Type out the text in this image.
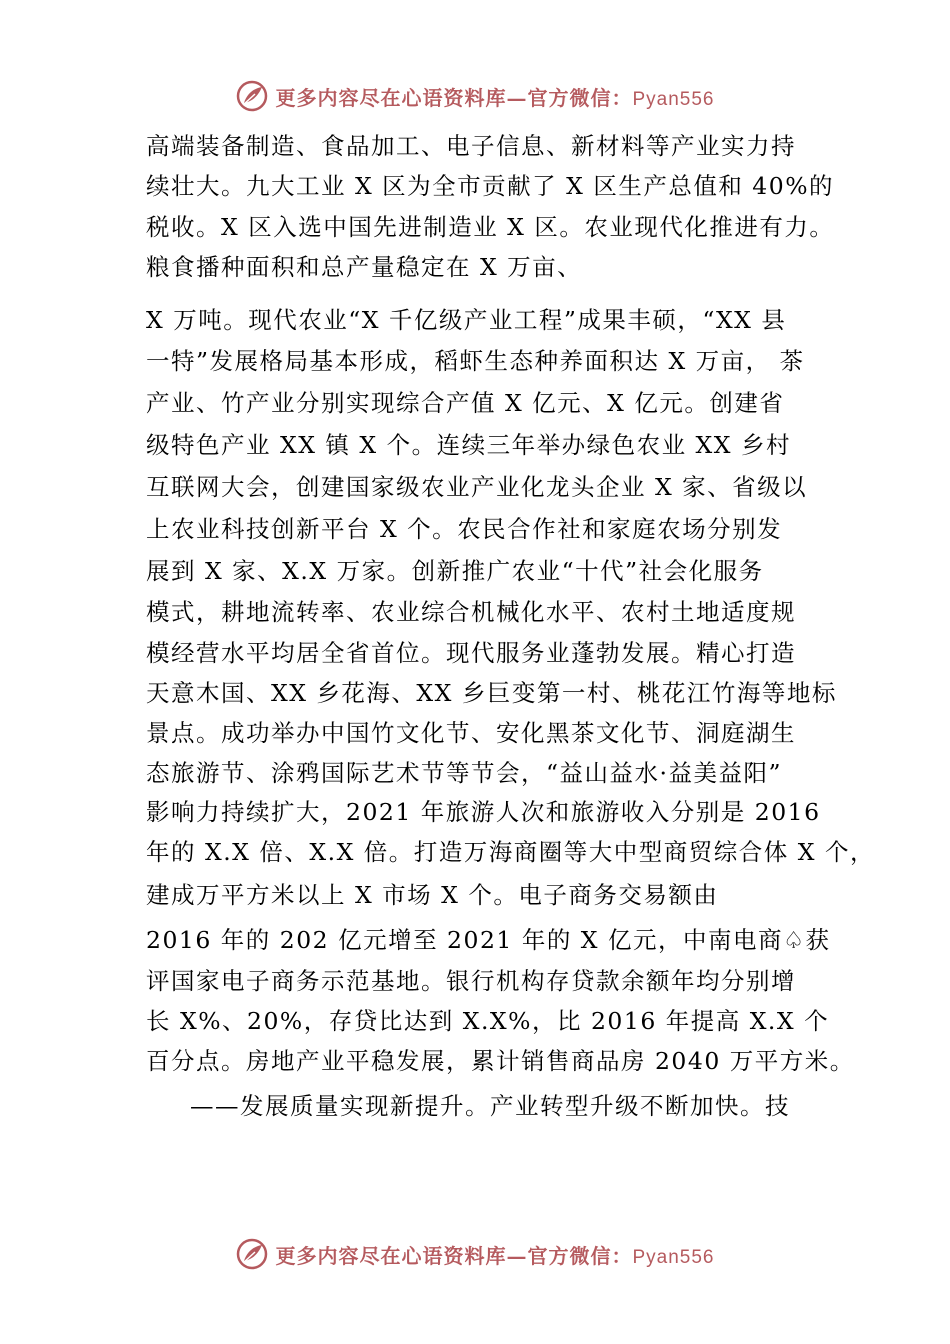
更多内容尽在心语资料库—官方微信：Pyan556
高端装备制造、食品加工、电子信息、新材料等产业实力持
续壮大。九大工业 X 区为全市贡献了 X 区生产总值和 40%的
税收。X 区入选中国先进制造业 X 区。农业现代化推进有力。
粮食播种面积和总产量稳定在 X 万亩、
X 万吨。现代农业“X 千亿级产业工程”成果丰硕，“XX 县
一特”发展格局基本形成，稻虾生态种养面积达 X 万亩， 茶
产业、竹产业分别实现综合产值 X 亿元、X 亿元。创建省
级特色产业 XX 镇 X 个。连续三年举办绿色农业 XX 乡村
互联网大会，创建国家级农业产业化龙头企业 X 家、省级以
上农业科技创新平台 X 个。农民合作社和家庭农场分别发
展到 X 家、X.X 万家。创新推广农业“十代”社会化服务
模式，耕地流转率、农业综合机械化水平、农村土地适度规
模经营水平均居全省首位。现代服务业蓬勃发展。精心打造
天意木国、XX 乡花海、XX 乡巨变第一村、桃花江竹海等地标
景点。成功举办中国竹文化节、安化黑茶文化节、洞庭湖生
态旅游节、涂鸦国际艺术节等节会，“益山益水·益美益阳”
影响力持续扩大，2021 年旅游人次和旅游收入分别是 2016
年的 X.X 倍、X.X 倍。打造万海商圈等大中型商贸综合体 X 个，
建成万平方米以上 X 市场 X 个。电子商务交易额由
2016 年的 202 亿元增至 2021 年的 X 亿元，中南电商♤获
评国家电子商务示范基地。银行机构存贷款余额年均分别增
长 X%、20%，存贷比达到 X.X%，比 2016 年提高 X.X 个
百分点。房地产业平稳发展，累计销售商品房 2040 万平方米。
——发展质量实现新提升。产业转型升级不断加快。技
更多内容尽在心语资料库—官方微信：Pyan556
